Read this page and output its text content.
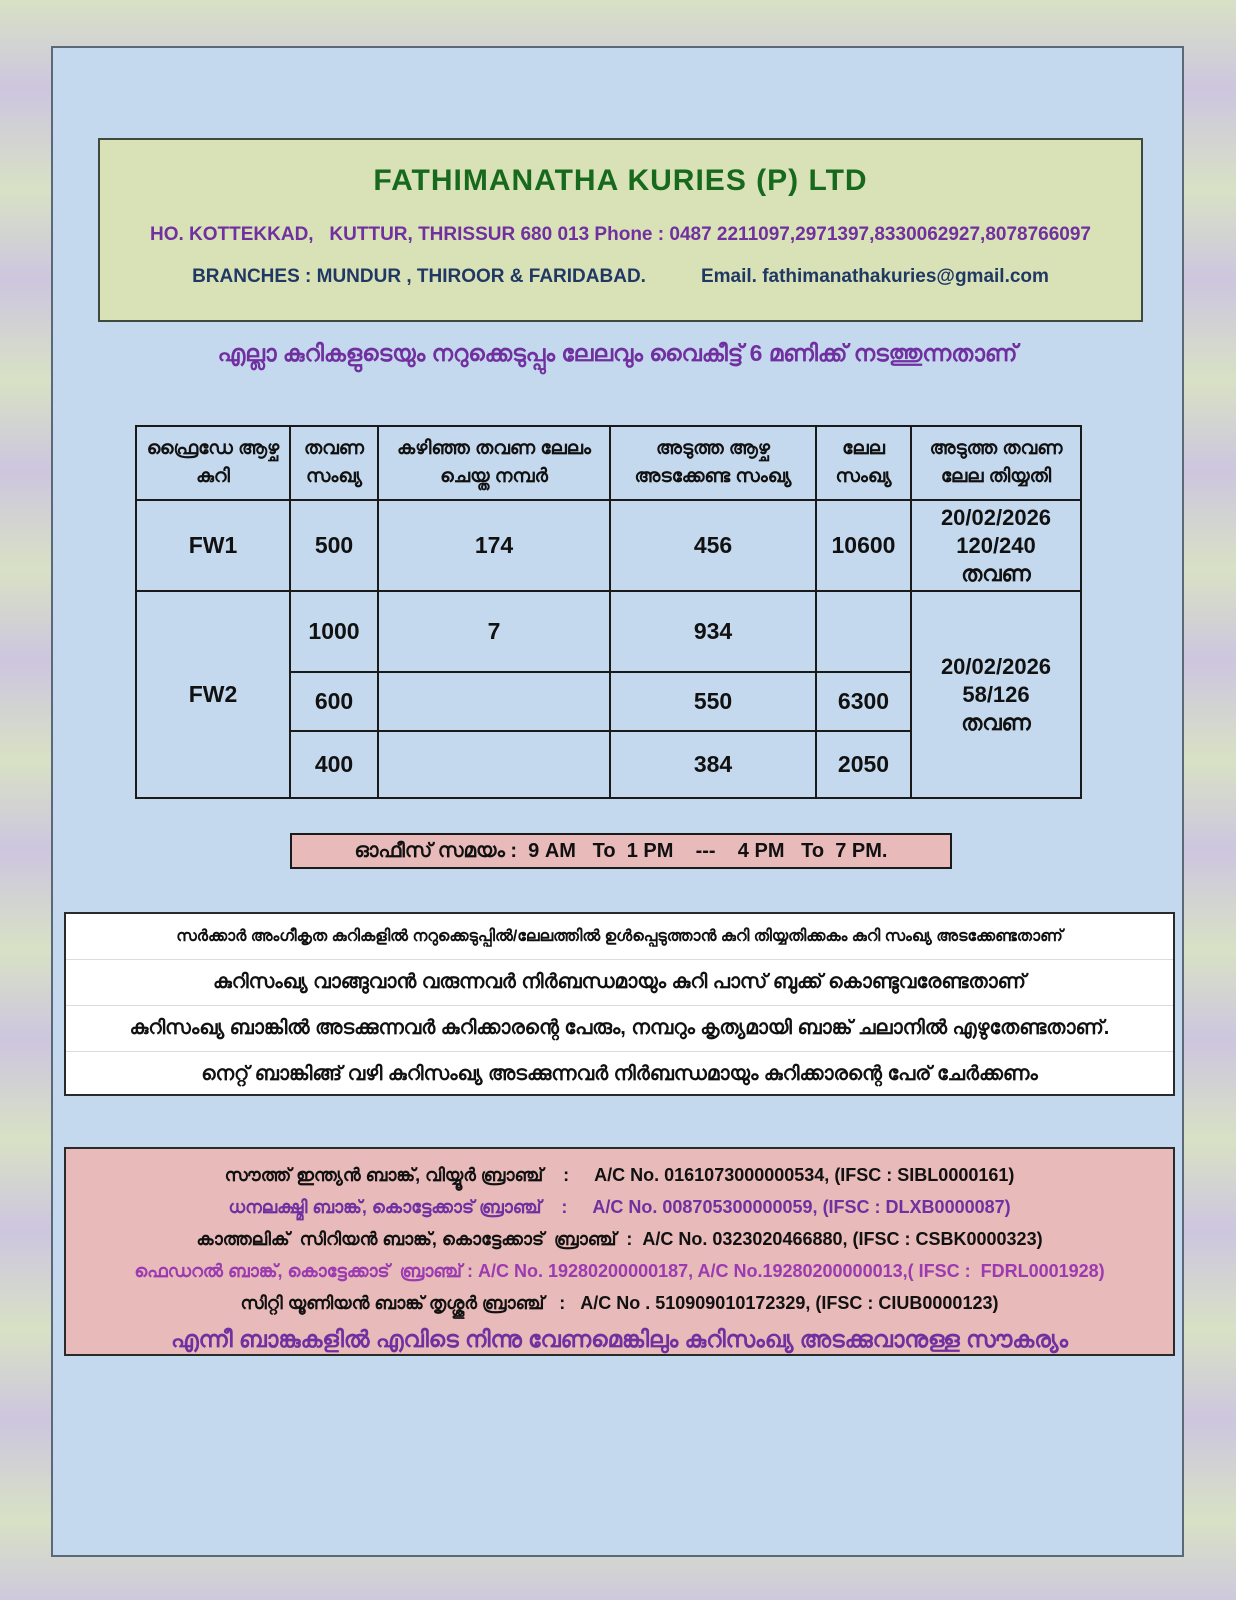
FATHIMANATHA KURIES (P) LTD
HO. KOTTEKKAD,   KUTTUR, THRISSUR 680 013 Phone : 0487 2211097,2971397,8330062927,8078766097
BRANCHES : MUNDUR , THIROOR & FARIDABAD.	Email. fathimanathakuries@gmail.com
എല്ലാ കുറികളുടെയും നറുക്കെടുപ്പും ലേലവും വൈകീട്ട് 6 മണിക്ക് നടത്തുന്നതാണ്
ഫ്രൈഡേ ആഴ്ച കുറി	തവണ സംഖ്യ	കഴിഞ്ഞ തവണ ലേലം ചെയ്ത നമ്പർ	അടുത്ത ആഴ്ച അടക്കേണ്ട സംഖ്യ	ലേല സംഖ്യ	അടുത്ത തവണ ലേല തിയ്യതി
FW1	500	174	456	10600	20/02/2026
120/240
തവണ

FW2	1000	7	934		20/02/2026
58/126
തവണ

	600		550	6300	
	400		384	2050	
ഓഫീസ് സമയം :  9 AM   To  1 PM    ---    4 PM   To  7 PM.
സർക്കാർ അംഗീകൃത കുറികളിൽ നറുക്കെടുപ്പിൽ/ലേലത്തിൽ ഉൾപ്പെടുത്താൻ കുറി തിയ്യതിക്കകം കുറി സംഖ്യ അടക്കേണ്ടതാണ്
കുറിസംഖ്യ വാങ്ങുവാൻ വരുന്നവർ നിർബന്ധമായും കുറി പാസ് ബുക്ക് കൊണ്ടുവരേണ്ടതാണ്
കുറിസംഖ്യ ബാങ്കിൽ അടക്കുന്നവർ കുറിക്കാരന്റെ പേരും, നമ്പറും കൃത്യമായി ബാങ്ക് ചലാനിൽ എഴുതേണ്ടതാണ്.
നെറ്റ് ബാങ്കിങ്ങ് വഴി കുറിസംഖ്യ അടക്കുന്നവർ നിർബന്ധമായും കുറിക്കാരന്റെ പേര് ചേർക്കണം
സൗത്ത് ഇന്ത്യൻ ബാങ്ക്, വിയ്യൂർ ബ്രാഞ്ച്    :     A/C No. 0161073000000534, (IFSC : SIBL0000161)
ധനലക്ഷ്മി ബാങ്ക്, കൊട്ടേക്കാട് ബ്രാഞ്ച്    :     A/C No. 008705300000059, (IFSC : DLXB0000087)
കാത്തലിക്  സിറിയൻ ബാങ്ക്, കൊട്ടേക്കാട്  ബ്രാഞ്ച്  :  A/C No. 0323020466880, (IFSC : CSBK0000323)
ഫെഡറൽ ബാങ്ക്, കൊട്ടേക്കാട്  ബ്രാഞ്ച് : A/C No. 19280200000187, A/C No.19280200000013,( IFSC :  FDRL0001928)
സിറ്റി യൂണിയൻ ബാങ്ക് തൃശ്ശൂർ ബ്രാഞ്ച്   :   A/C No . 510909010172329, (IFSC : CIUB0000123)
എന്നീ ബാങ്കുകളിൽ എവിടെ നിന്നു വേണമെങ്കിലും കുറിസംഖ്യ അടക്കുവാനുള്ള സൗകര്യം
